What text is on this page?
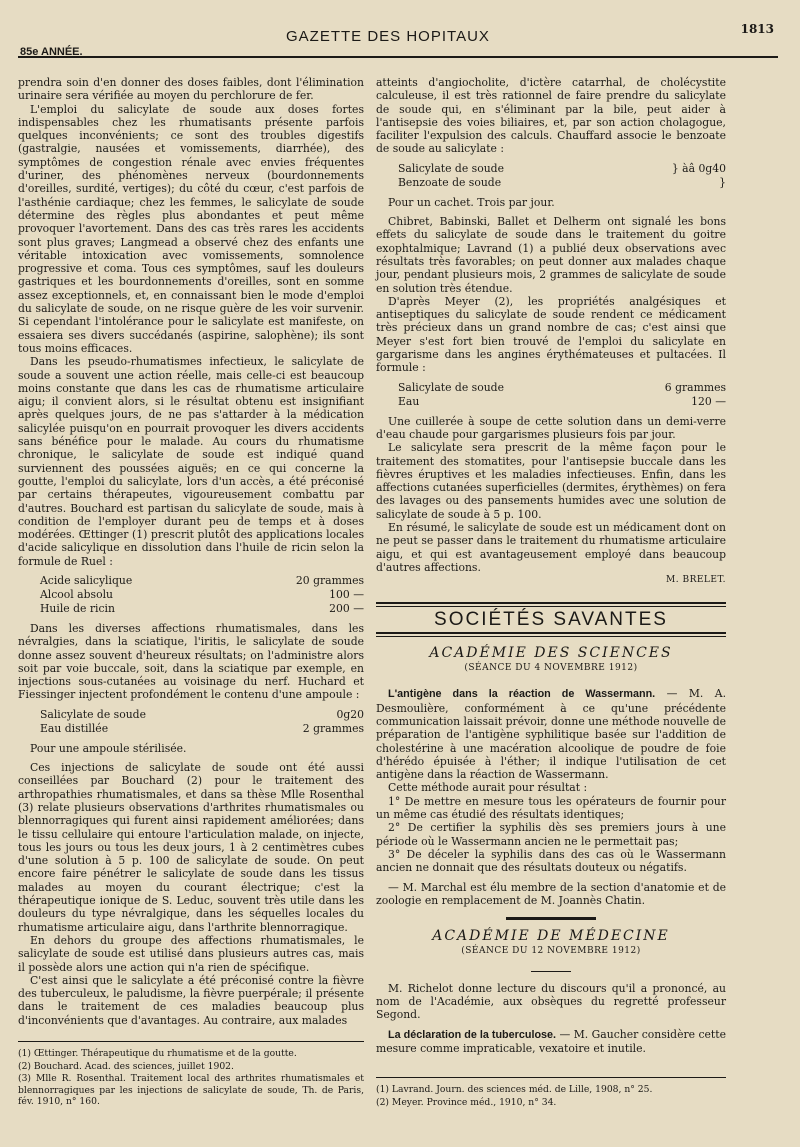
85e ANNÉE.
GAZETTE DES HOPITAUX	1813

prendra soin d'en donner des doses faibles, dont l'élimination urinaire sera vérifiée au moyen du perchlorure de fer.

L'emploi du salicylate de soude aux doses fortes indispensables chez les rhumatisants présente parfois quelques inconvénients; ce sont des troubles digestifs (gastralgie, nausées et vomissements, diarrhée), des symptômes de congestion rénale avec envies fréquentes d'uriner, des phénomènes nerveux (bourdonnements d'oreilles, surdité, vertiges); du côté du cœur, c'est parfois de l'asthénie cardiaque; chez les femmes, le salicylate de soude détermine des règles plus abondantes et peut même provoquer l'avortement. Dans des cas très rares les accidents sont plus graves; Langmead a observé chez des enfants une véritable intoxication avec vomissements, somnolence progressive et coma. Tous ces symptômes, sauf les douleurs gastriques et les bourdonnements d'oreilles, sont en somme assez exceptionnels, et, en connaissant bien le mode d'emploi du salicylate de soude, on ne risque guère de les voir survenir. Si cependant l'intolérance pour le salicylate est manifeste, on essaiera ses divers succédanés (aspirine, salophène); ils sont tous moins efficaces.

Dans les pseudo-rhumatismes infectieux, le salicylate de soude a souvent une action réelle, mais celle-ci est beaucoup moins constante que dans les cas de rhumatisme articulaire aigu; il convient alors, si le résultat obtenu est insignifiant après quelques jours, de ne pas s'attarder à la médication salicylée puisqu'on en pourrait provoquer les divers accidents sans bénéfice pour le malade. Au cours du rhumatisme chronique, le salicylate de soude est indiqué quand surviennent des poussées aiguës; en ce qui concerne la goutte, l'emploi du salicylate, lors d'un accès, a été préconisé par certains thérapeutes, vigoureusement combattu par d'autres. Bouchard est partisan du salicylate de soude, mais à condition de l'employer durant peu de temps et à doses modérées. Œttinger (1) prescrit plutôt des applications locales d'acide salicylique en dissolution dans l'huile de ricin selon la formule de Ruel :

Acide salicylique	20 grammes
Alcool absolu	100 —
Huile de ricin	200 —

Dans les diverses affections rhumatismales, dans les névralgies, dans la sciatique, l'iritis, le salicylate de soude donne assez souvent d'heureux résultats; on l'administre alors soit par voie buccale, soit, dans la sciatique par exemple, en injections sous-cutanées au voisinage du nerf. Huchard et Fiessinger injectent profondément le contenu d'une ampoule :

Salicylate de soude	0g20
Eau distillée	2 grammes

Pour une ampoule stérilisée.

Ces injections de salicylate de soude ont été aussi conseillées par Bouchard (2) pour le traitement des arthropathies rhumatismales, et dans sa thèse Mlle Rosenthal (3) relate plusieurs observations d'arthrites rhumatismales ou blennorragiques qui furent ainsi rapidement améliorées; dans le tissu cellulaire qui entoure l'articulation malade, on injecte, tous les jours ou tous les deux jours, 1 à 2 centimètres cubes d'une solution à 5 p. 100 de salicylate de soude. On peut encore faire pénétrer le salicylate de soude dans les tissus malades au moyen du courant électrique; c'est la thérapeutique ionique de S. Leduc, souvent très utile dans les douleurs du type névralgique, dans les séquelles locales du rhumatisme articulaire aigu, dans l'arthrite blennorragique.

En dehors du groupe des affections rhumatismales, le salicylate de soude est utilisé dans plusieurs autres cas, mais il possède alors une action qui n'a rien de spécifique.

C'est ainsi que le salicylate a été préconisé contre la fièvre des tuberculeux, le paludisme, la fièvre puerpérale; il présente dans le traitement de ces maladies beaucoup plus d'inconvénients que d'avantages. Au contraire, aux malades

(1) Œttinger. Thérapeutique du rhumatisme et de la goutte.
(2) Bouchard. Acad. des sciences, juillet 1902.
(3) Mlle R. Rosenthal. Traitement local des arthrites rhumatismales et blennorragiques par les injections de salicylate de soude, Th. de Paris, fév. 1910, n° 160.

atteints d'angiocholite, d'ictère catarrhal, de cholécystite calculeuse, il est très rationnel de faire prendre du salicylate de soude qui, en s'éliminant par la bile, peut aider à l'antisepsie des voies biliaires, et, par son action cholagogue, faciliter l'expulsion des calculs. Chauffard associe le benzoate de soude au salicylate :

Salicylate de soude	} àâ 0g40
Benzoate de soude	}

Pour un cachet. Trois par jour.

Chibret, Babinski, Ballet et Delherm ont signalé les bons effets du salicylate de soude dans le traitement du goitre exophtalmique; Lavrand (1) a publié deux observations avec résultats très favorables; on peut donner aux malades chaque jour, pendant plusieurs mois, 2 grammes de salicylate de soude en solution très étendue.

D'après Meyer (2), les propriétés analgésiques et antiseptiques du salicylate de soude rendent ce médicament très précieux dans un grand nombre de cas; c'est ainsi que Meyer s'est fort bien trouvé de l'emploi du salicylate en gargarisme dans les angines érythémateuses et pultacées. Il formule :

Salicylate de soude	6 grammes
Eau	120 —

Une cuillerée à soupe de cette solution dans un demi-verre d'eau chaude pour gargarismes plusieurs fois par jour.

Le salicylate sera prescrit de la même façon pour le traitement des stomatites, pour l'antisepsie buccale dans les fièvres éruptives et les maladies infectieuses. Enfin, dans les affections cutanées superficielles (dermites, érythèmes) on fera des lavages ou des pansements humides avec une solution de salicylate de soude à 5 p. 100.

En résumé, le salicylate de soude est un médicament dont on ne peut se passer dans le traitement du rhumatisme articulaire aigu, et qui est avantageusement employé dans beaucoup d'autres affections.

M. BRELET.
SOCIÉTÉS SAVANTES
ACADÉMIE DES SCIENCES
(SÉANCE DU 4 NOVEMBRE 1912)

L'antigène dans la réaction de Wassermann. — M. A. Desmoulière, conformément à ce qu'une précédente communication laissait prévoir, donne une méthode nouvelle de préparation de l'antigène syphilitique basée sur l'addition de cholestérine à une macération alcoolique de poudre de foie d'hérédo épuisée à l'éther; il indique l'utilisation de cet antigène dans la réaction de Wassermann.

Cette méthode aurait pour résultat :

1° De mettre en mesure tous les opérateurs de fournir pour un même cas étudié des résultats identiques;

2° De certifier la syphilis dès ses premiers jours à une période où le Wassermann ancien ne le permettait pas;

3° De déceler la syphilis dans des cas où le Wassermann ancien ne donnait que des résultats douteux ou négatifs.

— M. Marchal est élu membre de la section d'anatomie et de zoologie en remplacement de M. Joannès Chatin.

ACADÉMIE DE MÉDECINE
(SÉANCE DU 12 NOVEMBRE 1912)

M. Richelot donne lecture du discours qu'il a prononcé, au nom de l'Académie, aux obsèques du regretté professeur Segond.

La déclaration de la tuberculose. — M. Gaucher considère cette mesure comme impraticable, vexatoire et inutile.

(1) Lavrand. Journ. des sciences méd. de Lille, 1908, n° 25.
(2) Meyer. Province méd., 1910, n° 34.
